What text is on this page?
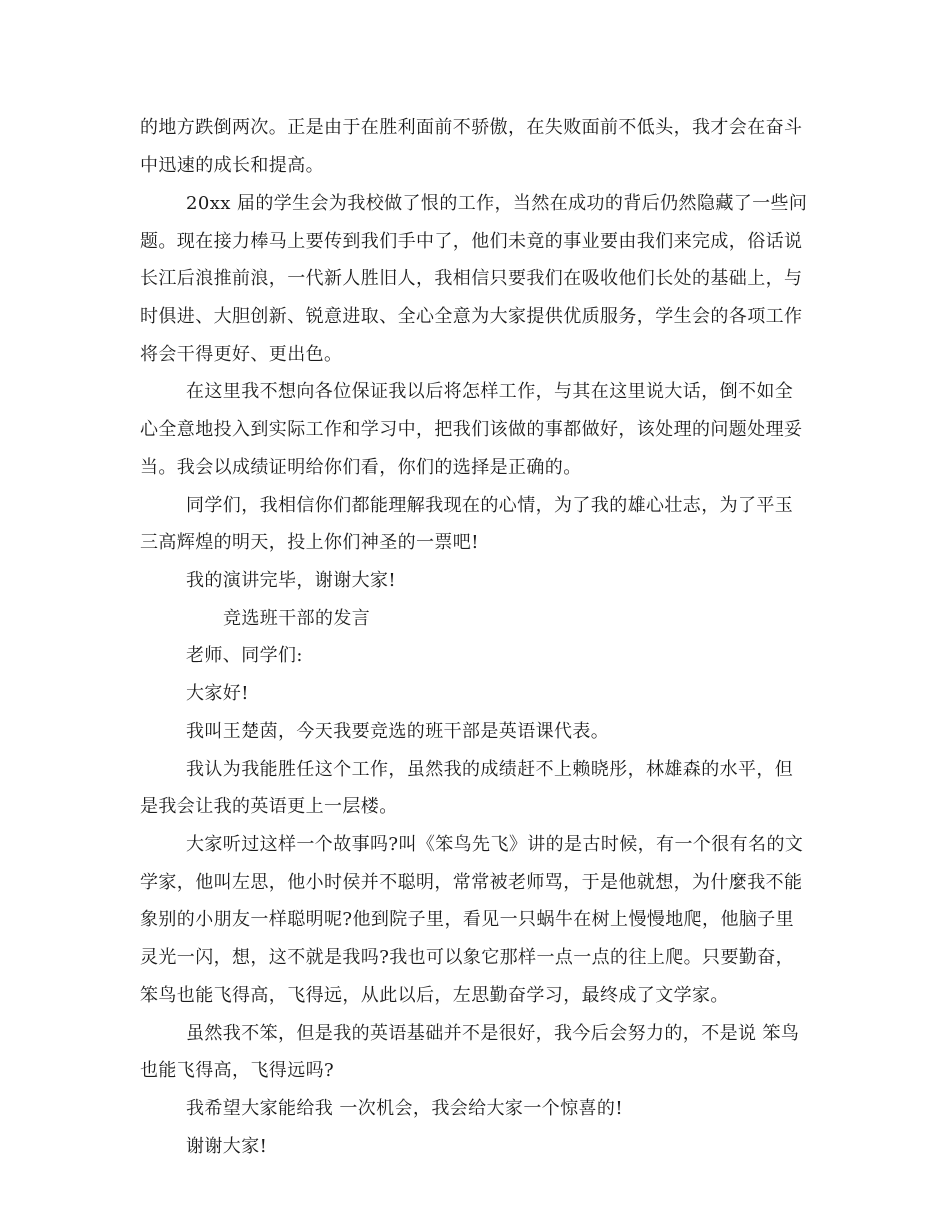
的地方跌倒两次。正是由于在胜利面前不骄傲，在失败面前不低头，我才会在奋斗
中迅速的成长和提高。
20xx 届的学生会为我校做了恨的工作，当然在成功的背后仍然隐藏了一些问
题。现在接力棒马上要传到我们手中了，他们未竟的事业要由我们来完成，俗话说
长江后浪推前浪，一代新人胜旧人，我相信只要我们在吸收他们长处的基础上，与
时俱进、大胆创新、锐意进取、全心全意为大家提供优质服务，学生会的各项工作
将会干得更好、更出色。
在这里我不想向各位保证我以后将怎样工作，与其在这里说大话，倒不如全
心全意地投入到实际工作和学习中，把我们该做的事都做好，该处理的问题处理妥
当。我会以成绩证明给你们看，你们的选择是正确的。
同学们，我相信你们都能理解我现在的心情，为了我的雄心壮志，为了平玉
三高辉煌的明天，投上你们神圣的一票吧!
我的演讲完毕，谢谢大家!
竞选班干部的发言
老师、同学们:
大家好!
我叫王楚茵，今天我要竞选的班干部是英语课代表。
我认为我能胜任这个工作，虽然我的成绩赶不上赖晓彤，林雄森的水平，但
是我会让我的英语更上一层楼。
大家听过这样一个故事吗?叫《笨鸟先飞》讲的是古时候，有一个很有名的文
学家，他叫左思，他小时侯并不聪明，常常被老师骂，于是他就想，为什麼我不能
象别的小朋友一样聪明呢?他到院子里，看见一只蜗牛在树上慢慢地爬，他脑子里
灵光一闪，想，这不就是我吗?我也可以象它那样一点一点的往上爬。只要勤奋，
笨鸟也能飞得高，飞得远，从此以后，左思勤奋学习，最终成了文学家。
虽然我不笨，但是我的英语基础并不是很好，我今后会努力的，不是说 笨鸟
也能飞得高，飞得远吗?
我希望大家能给我 一次机会，我会给大家一个惊喜的!
谢谢大家!
